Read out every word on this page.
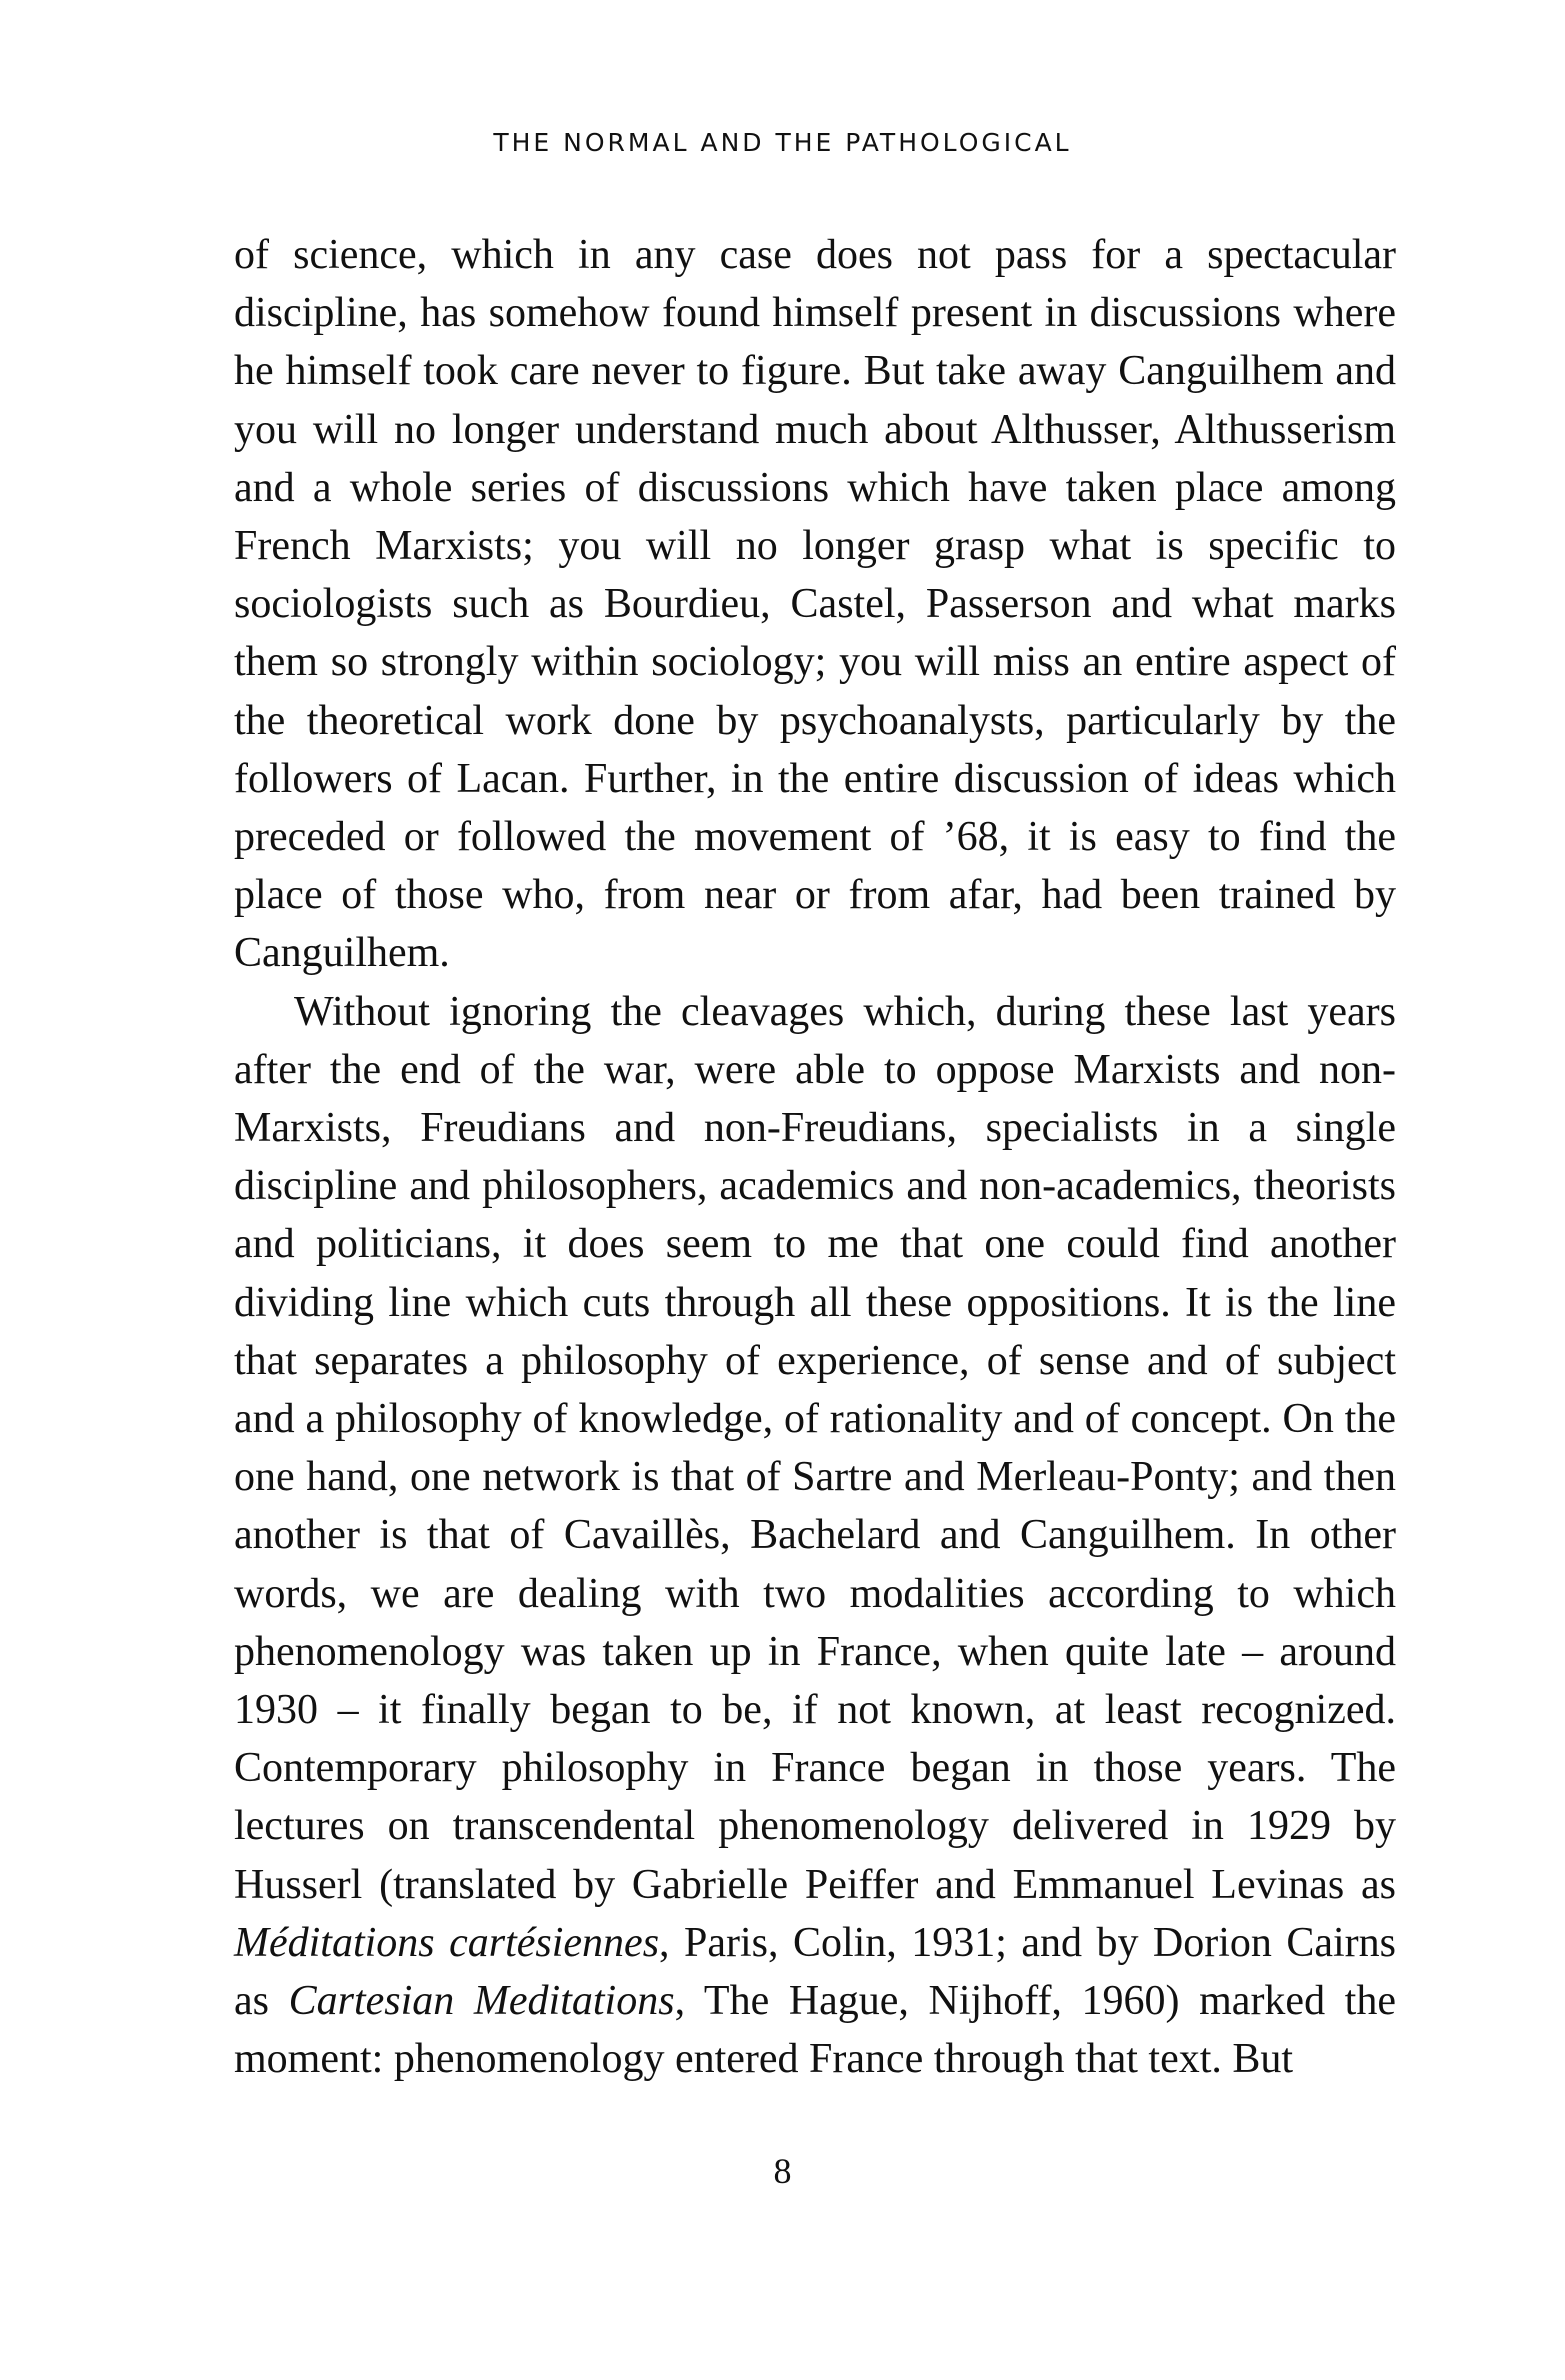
THE NORMAL AND THE PATHOLOGICAL

of science, which in any case does not pass for a spectacular discipline, has somehow found himself present in discussions where he himself took care never to figure. But take away Canguilhem and you will no longer understand much about Althusser, Althusserism and a whole series of discussions which have taken place among French Marxists; you will no longer grasp what is specific to sociologists such as Bourdieu, Castel, Passerson and what marks them so strongly within sociology; you will miss an entire aspect of the theoretical work done by psychoanalysts, particularly by the followers of Lacan. Further, in the entire discussion of ideas which preceded or followed the movement of ’68, it is easy to find the place of those who, from near or from afar, had been trained by Canguilhem.

Without ignoring the cleavages which, during these last years after the end of the war, were able to oppose Marxists and non-Marxists, Freudians and non-Freudians, specialists in a single discipline and philosophers, academics and non-academics, theorists and politicians, it does seem to me that one could find another dividing line which cuts through all these oppositions. It is the line that separates a philosophy of experience, of sense and of subject and a philosophy of knowledge, of rationality and of concept. On the one hand, one network is that of Sartre and Merleau-Ponty; and then another is that of Cavaillès, Bachelard and Canguilhem. In other words, we are dealing with two modalities according to which phenomenology was taken up in France, when quite late – around 1930 – it finally began to be, if not known, at least recognized. Contemporary philosophy in France began in those years. The lectures on transcendental phenomenology delivered in 1929 by Husserl (translated by Gabrielle Peiffer and Emmanuel Levinas as Méditations cartésiennes, Paris, Colin, 1931; and by Dorion Cairns as Cartesian Meditations, The Hague, Nijhoff, 1960) marked the moment: phenomenology entered France through that text. But

8
